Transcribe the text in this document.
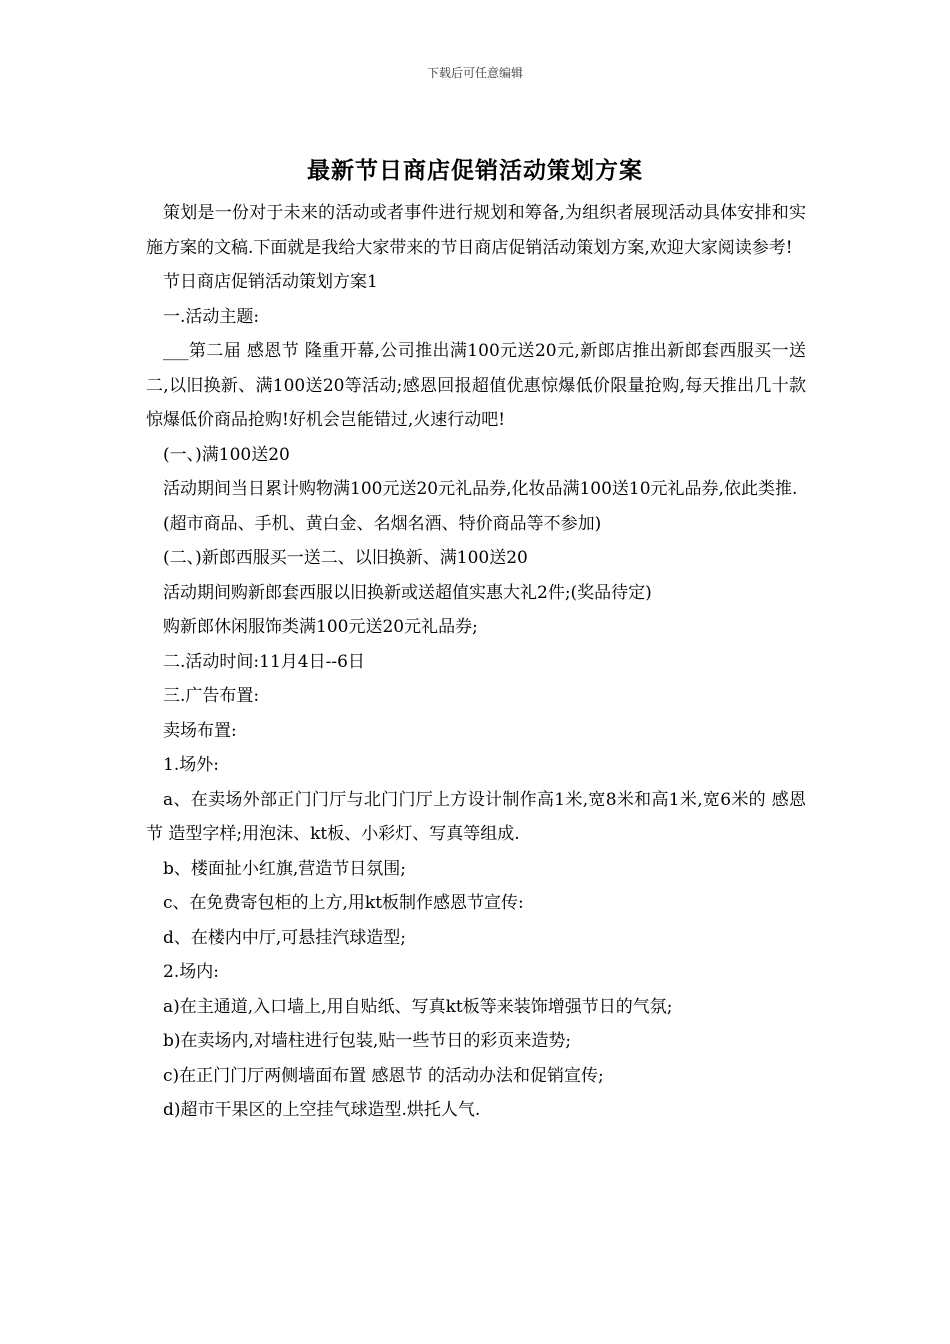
下载后可任意编辑
最新节日商店促销活动策划方案

策划是一份对于未来的活动或者事件进行规划和筹备,为组织者展现活动具体安排和实施方案的文稿.下面就是我给大家带来的节日商店促销活动策划方案,欢迎大家阅读参考!

节日商店促销活动策划方案1

一.活动主题:

___第二届 感恩节 隆重开幕,公司推出满100元送20元,新郎店推出新郎套西服买一送二,以旧换新、满100送20等活动;感恩回报超值优惠惊爆低价限量抢购,每天推出几十款惊爆低价商品抢购!好机会岂能错过,火速行动吧!

(一、)满100送20

活动期间当日累计购物满100元送20元礼品券,化妆品满100送10元礼品券,依此类推.

(超市商品、手机、黄白金、名烟名酒、特价商品等不参加)

(二、)新郎西服买一送二、以旧换新、满100送20

活动期间购新郎套西服以旧换新或送超值实惠大礼2件;(奖品待定)

购新郎休闲服饰类满100元送20元礼品券;

二.活动时间:11月4日--6日

三.广告布置:

卖场布置:

1.场外:

a、在卖场外部正门门厅与北门门厅上方设计制作高1米,宽8米和高1米,宽6米的 感恩节 造型字样;用泡沫、kt板、小彩灯、写真等组成.

b、楼面扯小红旗,营造节日氛围;

c、在免费寄包柜的上方,用kt板制作感恩节宣传:

d、在楼内中厅,可悬挂汽球造型;

2.场内:

a)在主通道,入口墙上,用自贴纸、写真kt板等来装饰增强节日的气氛;

b)在卖场内,对墙柱进行包装,贴一些节日的彩页来造势;

c)在正门门厅两侧墙面布置 感恩节 的活动办法和促销宣传;

d)超市干果区的上空挂气球造型.烘托人气.
